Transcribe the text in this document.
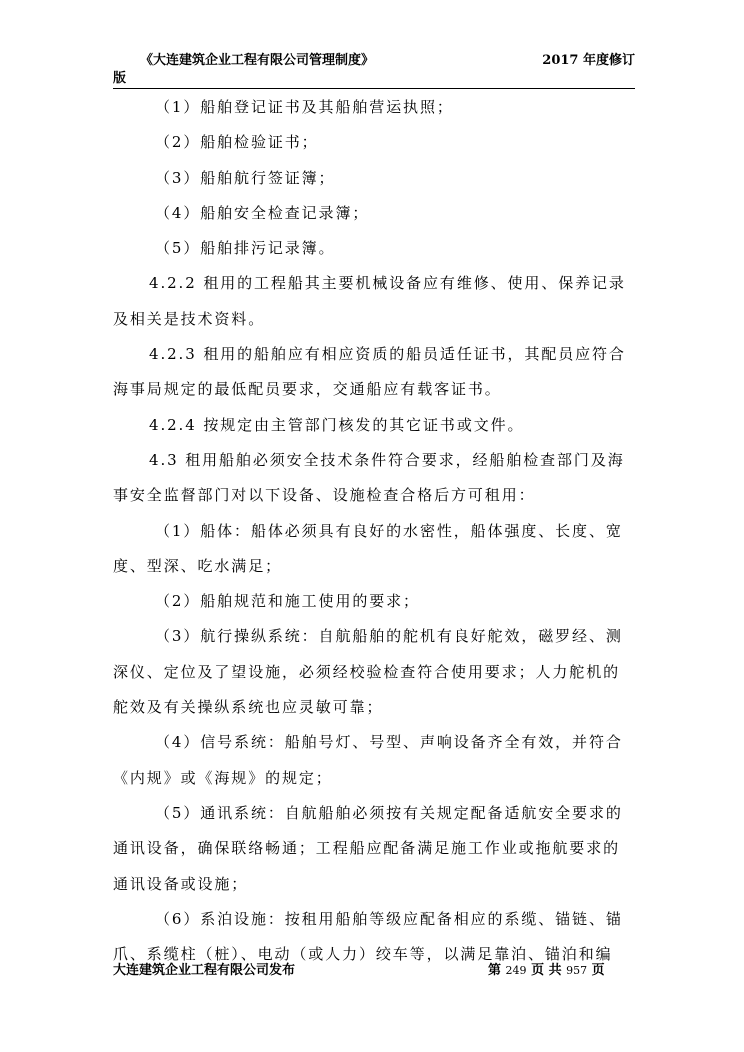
《大连建筑企业工程有限公司管理制度》	2017 年度修订
版

（1）船舶登记证书及其船舶营运执照；

（2）船舶检验证书；

（3）船舶航行签证簿；

（4）船舶安全检查记录簿；

（5）船舶排污记录簿。

4.2.2 租用的工程船其主要机械设备应有维修、使用、保养记录及相关是技术资料。

4.2.3 租用的船舶应有相应资质的船员适任证书，其配员应符合海事局规定的最低配员要求，交通船应有载客证书。

4.2.4 按规定由主管部门核发的其它证书或文件。

4.3 租用船舶必须安全技术条件符合要求，经船舶检查部门及海事安全监督部门对以下设备、设施检查合格后方可租用：

（1）船体：船体必须具有良好的水密性，船体强度、长度、宽度、型深、吃水满足；

（2）船舶规范和施工使用的要求；

（3）航行操纵系统：自航船舶的舵机有良好舵效，磁罗经、测深仪、定位及了望设施，必须经校验检查符合使用要求；人力舵机的舵效及有关操纵系统也应灵敏可靠；

（4）信号系统：船舶号灯、号型、声响设备齐全有效，并符合《内规》或《海规》的规定；

（5）通讯系统：自航船舶必须按有关规定配备适航安全要求的通讯设备，确保联络畅通；工程船应配备满足施工作业或拖航要求的通讯设备或设施；

（6）系泊设施：按租用船舶等级应配备相应的系缆、锚链、锚爪、系缆柱（桩）、电动（或人力）绞车等，以满足靠泊、锚泊和编

大连建筑企业工程有限公司发布	第 249 页 共 957 页
